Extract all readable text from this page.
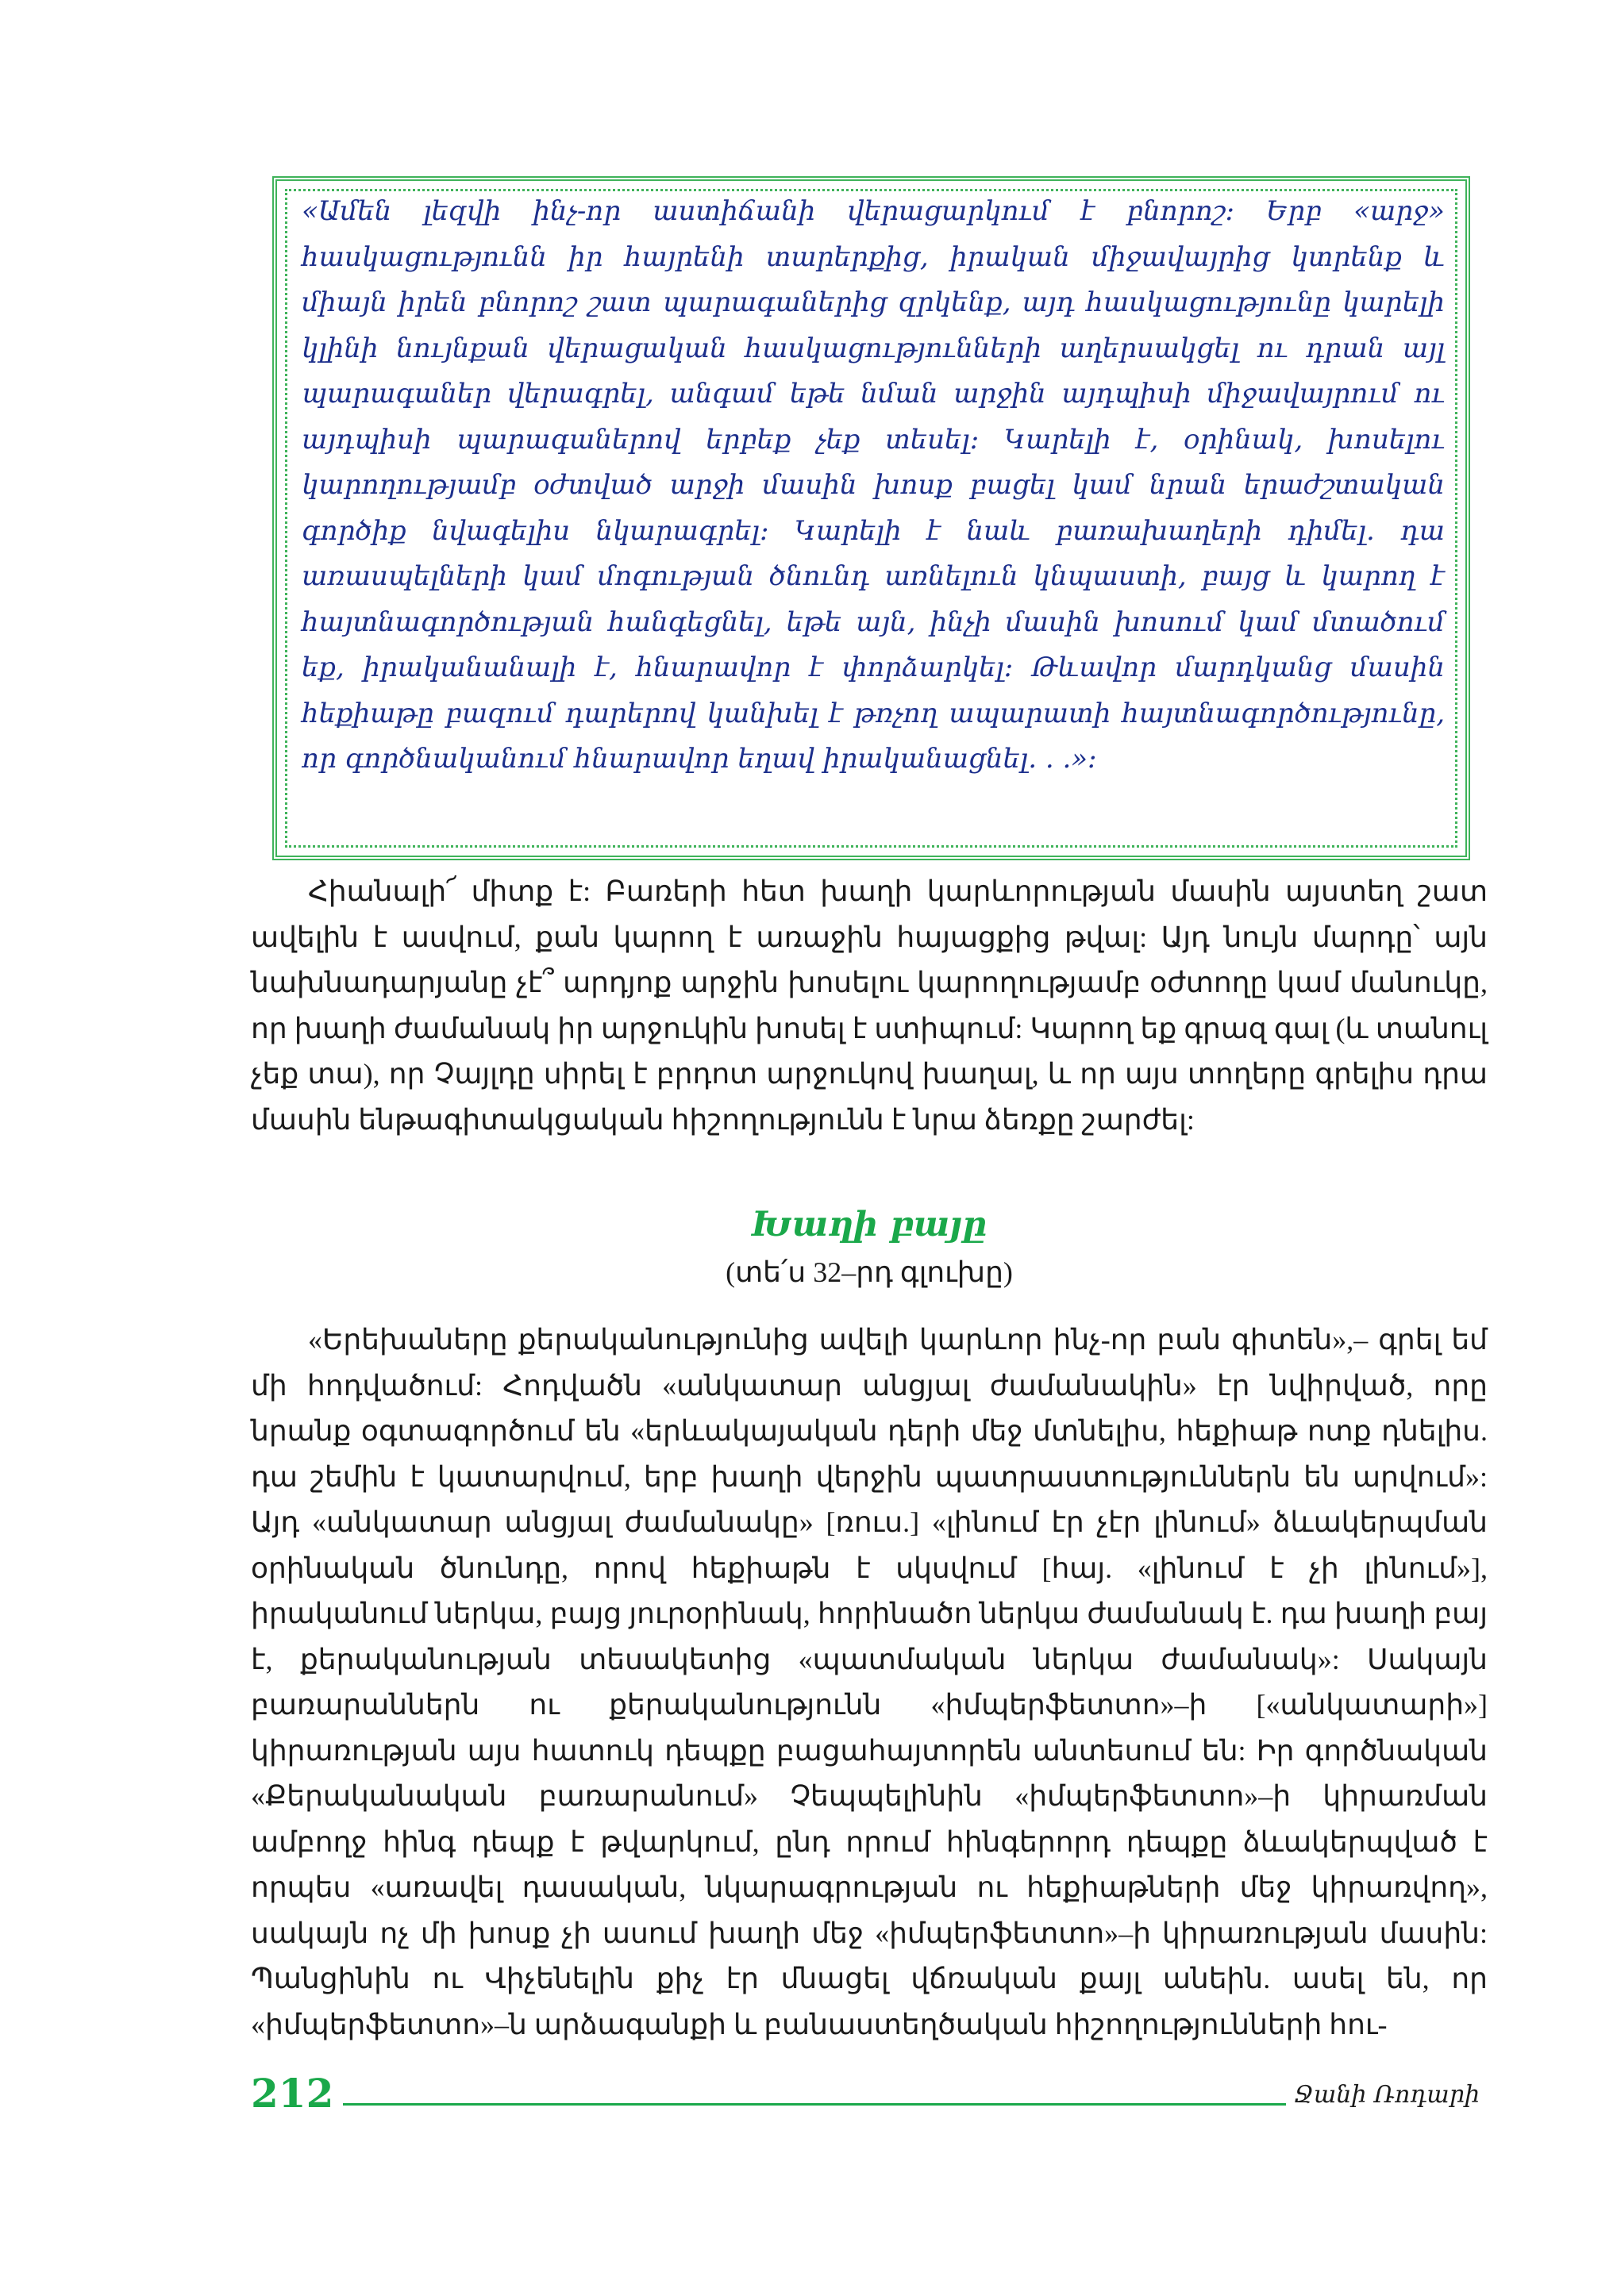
«Ամեն լեզվի ինչ-որ աստիճանի վերացարկում է բնորոշ: Երբ «արջ» հասկացությունն իր հայրենի տարերքից, իրական միջավայրից կտրենք և միայն իրեն բնորոշ շատ պարագաներից զրկենք, այդ հասկացությունը կարելի կլինի նույնքան վերացական հասկացությունների աղերսակցել ու դրան այլ պարագաներ վերագրել, անգամ եթե նման արջին այդպիսի միջավայրում ու այդպիսի պարագաներով երբեք չեք տեսել: Կարելի է, օրինակ, խոսելու կարողությամբ օժտված արջի մասին խոսք բացել կամ նրան երաժշտական գործիք նվագելիս նկարագրել: Կարելի է նաև բառախաղերի դիմել. դա առասպելների կամ մոգության ծնունդ առնելուն կնպաստի, բայց և կարող է հայտնագործության հանգեցնել, եթե այն, ինչի մասին խոսում կամ մտածում եք, իրականանալի է, հնարավոր է փորձարկել: Թևավոր մարդկանց մասին հեքիաթը բազում դարերով կանխել է թռչող ապարատի հայտնագործությունը, որ գործնականում հնարավոր եղավ իրականացնել. . .»:

Հիանալի՜ միտք է: Բառերի հետ խաղի կարևորության մասին այստեղ շատ ավելին է ասվում, քան կարող է առաջին հայացքից թվալ: Այդ նույն մարդը՝ այն նախնադարյանը չէ՞ արդյոք արջին խոսելու կարողությամբ օժտողը կամ մանուկը, որ խաղի ժամանակ իր արջուկին խոսել է ստիպում: Կարող եք գրազ գալ (և տանուլ չեք տա), որ Չայլդը սիրել է բրդոտ արջուկով խաղալ, և որ այս տողերը գրելիս դրա մասին ենթագիտակցական հիշողությունն է նրա ձեռքը շարժել:

Խաղի բայը
(տե՛ս 32–րդ գլուխը)

«Երեխաները քերականությունից ավելի կարևոր ինչ-որ բան գիտեն»,– գրել եմ մի հոդվածում: Հոդվածն «անկատար անցյալ ժամանակին» էր նվիրված, որը նրանք օգտագործում են «երևակայական դերի մեջ մտնելիս, հեքիաթ ոտք դնելիս. դա շեմին է կատարվում, երբ խաղի վերջին պատրաստություններն են արվում»: Այդ «անկատար անցյալ ժամանակը» [ռուս.] «լինում էր չէր լինում» ձևակերպման օրինական ծնունդը, որով հեքիաթն է սկսվում [հայ. «լինում է չի լինում»], իրականում ներկա, բայց յուրօրինակ, հորինածո ներկա ժամանակ է. դա խաղի բայ է, քերականության տեսակետից «պատմական ներկա ժամանակ»: Սակայն բառարաններն ու քերականությունն «իմպերֆետտո»–ի [«անկատարի»] կիրառության այս հատուկ դեպքը բացահայտորեն անտեսում են: Իր գործնական «Քերականական բառարանում» Չեպպելինին «իմպերֆետտո»–ի կիրառման ամբողջ հինգ դեպք է թվարկում, ընդ որում հինգերորդ դեպքը ձևակերպված է որպես «առավել դասական, նկարագրության ու հեքիաթների մեջ կիրառվող», սակայն ոչ մի խոսք չի ասում խաղի մեջ «իմպերֆետտո»–ի կիրառության մասին: Պանցինին ու Վիչենելին քիչ էր մնացել վճռական քայլ անեին. ասել են, որ «իմպերֆետտո»–ն արձագանքի և բանաստեղծական հիշողությունների հու-

212	Ջանի Ռոդարի
